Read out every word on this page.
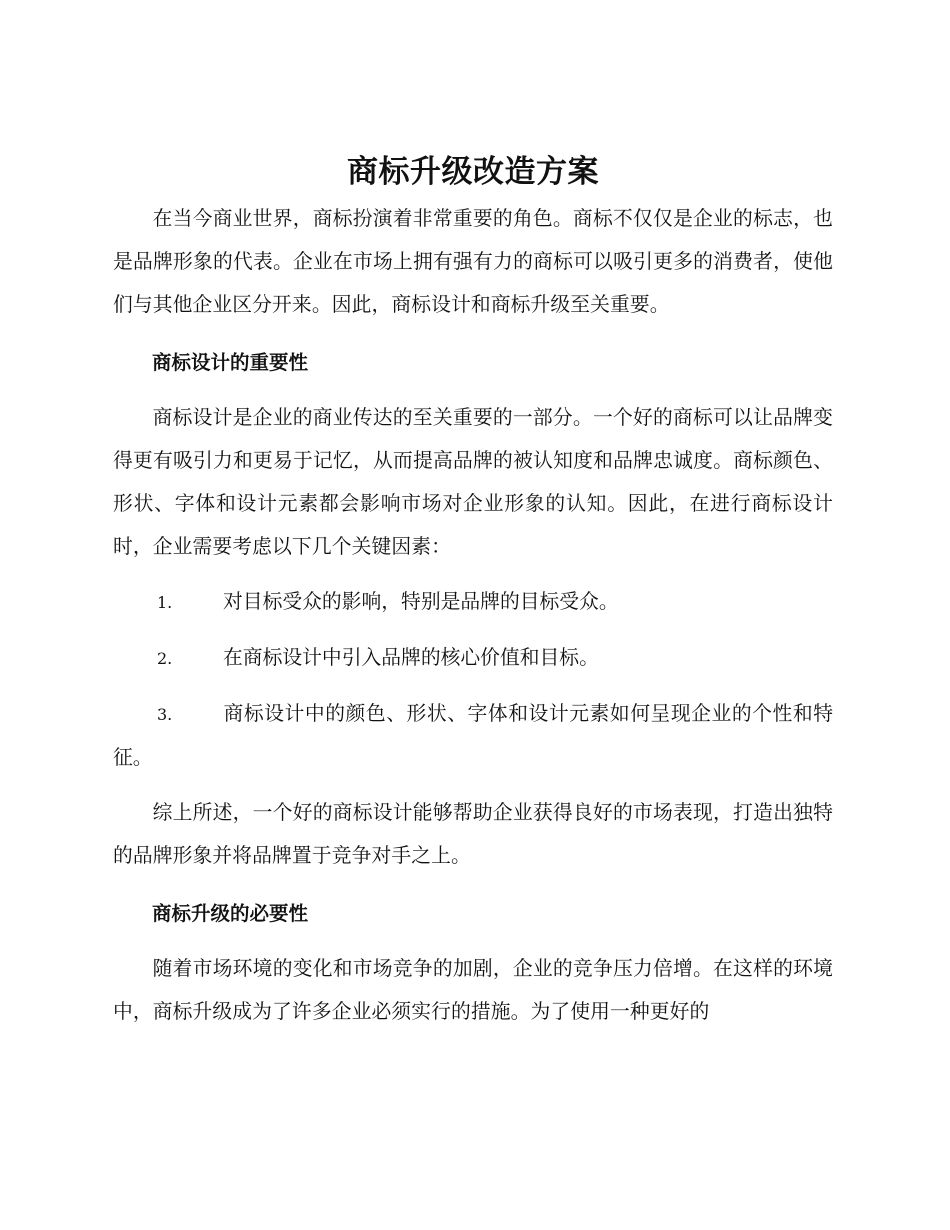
商标升级改造方案

在当今商业世界，商标扮演着非常重要的角色。商标不仅仅是企业的标志，也是品牌形象的代表。企业在市场上拥有强有力的商标可以吸引更多的消费者，使他们与其他企业区分开来。因此，商标设计和商标升级至关重要。

商标设计的重要性

商标设计是企业的商业传达的至关重要的一部分。一个好的商标可以让品牌变得更有吸引力和更易于记忆，从而提高品牌的被认知度和品牌忠诚度。商标颜色、形状、字体和设计元素都会影响市场对企业形象的认知。因此，在进行商标设计时，企业需要考虑以下几个关键因素：

1.	对目标受众的影响，特别是品牌的目标受众。

2.	在商标设计中引入品牌的核心价值和目标。

3.	商标设计中的颜色、形状、字体和设计元素如何呈现企业的个性和特征。

综上所述，一个好的商标设计能够帮助企业获得良好的市场表现，打造出独特的品牌形象并将品牌置于竞争对手之上。

商标升级的必要性

随着市场环境的变化和市场竞争的加剧，企业的竞争压力倍增。在这样的环境中，商标升级成为了许多企业必须实行的措施。为了使用一种更好的
